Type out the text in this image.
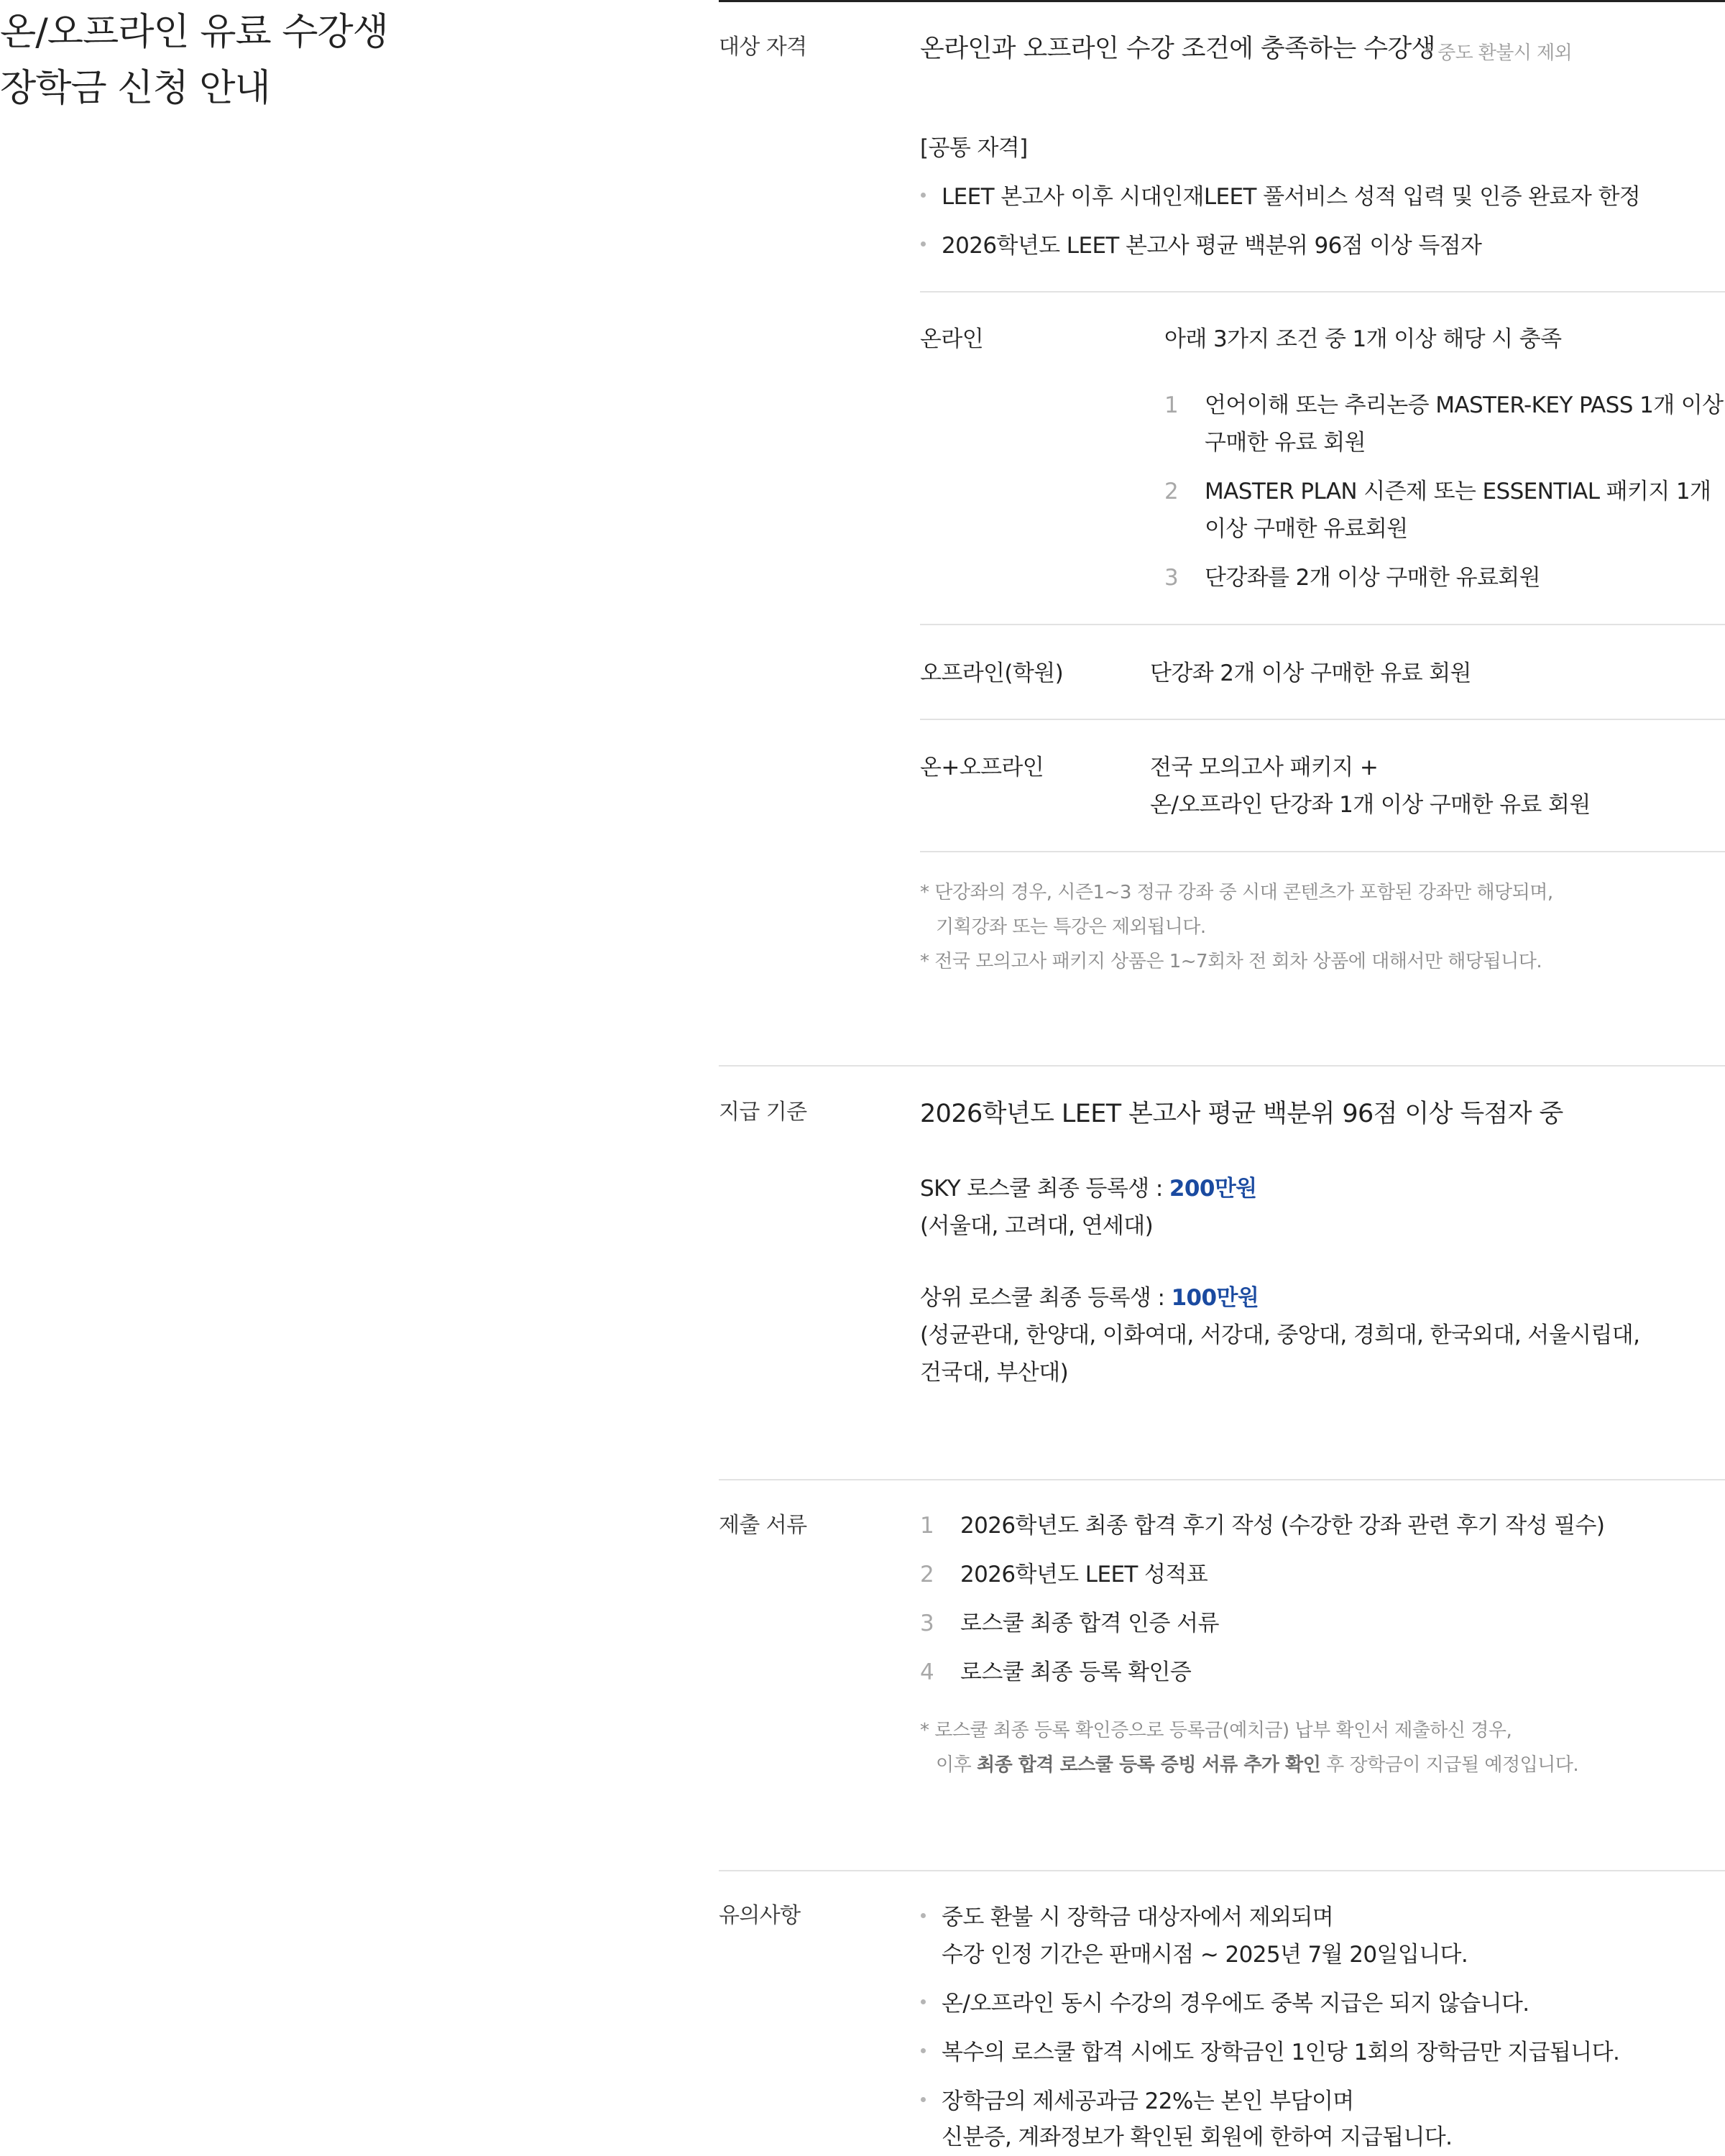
온/오프라인 유료 수강생
장학금 신청 안내

대상 자격	온라인과 오프라인 수강 조건에 충족하는 수강생

* 중도 환불시 제외

[공통 자격]

LEET 본고사 이후 시대인재LEET 풀서비스 성적 입력 및 인증 완료자 한정

2026학년도 LEET 본고사 평균 백분위 96점 이상 득점자

온라인	아래 3가지 조건 중 1개 이상 해당 시 충족

1 언어이해 또는 추리논증 MASTER-KEY PASS 1개 이상

구매한 유료 회원

2 MASTER PLAN 시즌제 또는 ESSENTIAL 패키지 1개

이상 구매한 유료회원

3 단강좌를 2개 이상 구매한 유료회원

오프라인(학원)	단강좌 2개 이상 구매한 유료 회원

온+오프라인	전국 모의고사 패키지 +

온/오프라인 단강좌 1개 이상 구매한 유료 회원

* 단강좌의 경우, 시즌1~3 정규 강좌 중 시대 콘텐츠가 포함된 강좌만 해당되며,

기획강좌 또는 특강은 제외됩니다.

* 전국 모의고사 패키지 상품은 1~7회차 전 회차 상품에 대해서만 해당됩니다.

지급 기준	2026학년도 LEET 본고사 평균 백분위 96점 이상 득점자 중

SKY 로스쿨 최종 등록생 : 200만원

(서울대, 고려대, 연세대)

상위 로스쿨 최종 등록생 : 100만원

(성균관대, 한양대, 이화여대, 서강대, 중앙대, 경희대, 한국외대, 서울시립대,

건국대, 부산대)

제출 서류	1 2026학년도 최종 합격 후기 작성 (수강한 강좌 관련 후기 작성 필수)

2 2026학년도 LEET 성적표

3 로스쿨 최종 합격 인증 서류

4 로스쿨 최종 등록 확인증

* 로스쿨 최종 등록 확인증으로 등록금(예치금) 납부 확인서 제출하신 경우,

이후 최종 합격 로스쿨 등록 증빙 서류 추가 확인 후 장학금이 지급될 예정입니다.

유의사항	중도 환불 시 장학금 대상자에서 제외되며

수강 인정 기간은 판매시점 ~ 2025년 7월 20일입니다.

온/오프라인 동시 수강의 경우에도 중복 지급은 되지 않습니다.

복수의 로스쿨 합격 시에도 장학금인 1인당 1회의 장학금만 지급됩니다.

장학금의 제세공과금 22%는 본인 부담이며

신분증, 계좌정보가 확인된 회원에 한하여 지급됩니다.
